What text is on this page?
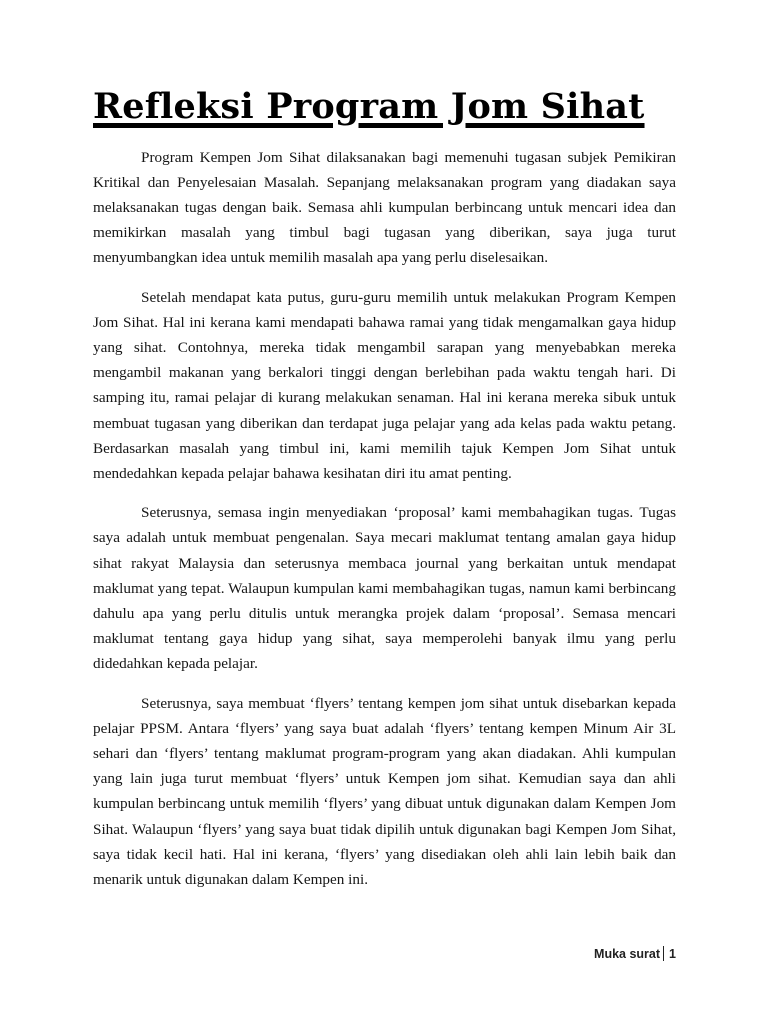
Refleksi Program Jom Sihat

Program Kempen Jom Sihat dilaksanakan bagi memenuhi tugasan subjek Pemikiran Kritikal dan Penyelesaian Masalah. Sepanjang melaksanakan program yang diadakan saya melaksanakan tugas dengan baik. Semasa ahli kumpulan berbincang untuk mencari idea dan memikirkan masalah yang timbul bagi tugasan yang diberikan, saya juga turut menyumbangkan idea untuk memilih masalah apa yang perlu diselesaikan.

Setelah mendapat kata putus, guru-guru memilih untuk melakukan Program Kempen Jom Sihat. Hal ini kerana kami mendapati bahawa ramai yang tidak mengamalkan gaya hidup yang sihat. Contohnya, mereka tidak mengambil sarapan yang menyebabkan mereka mengambil makanan yang berkalori tinggi dengan berlebihan pada waktu tengah hari. Di samping itu, ramai pelajar di kurang melakukan senaman. Hal ini kerana mereka sibuk untuk membuat tugasan yang diberikan dan terdapat juga pelajar yang ada kelas pada waktu petang. Berdasarkan masalah yang timbul ini, kami memilih tajuk Kempen Jom Sihat untuk mendedahkan kepada pelajar bahawa kesihatan diri itu amat penting.

Seterusnya, semasa ingin menyediakan ‘proposal’ kami membahagikan tugas. Tugas saya adalah untuk membuat pengenalan. Saya mecari maklumat tentang amalan gaya hidup sihat rakyat Malaysia dan seterusnya membaca journal yang berkaitan untuk mendapat maklumat yang tepat. Walaupun kumpulan kami membahagikan tugas, namun kami berbincang dahulu apa yang perlu ditulis untuk merangka projek dalam ‘proposal’. Semasa mencari maklumat tentang gaya hidup yang sihat, saya memperolehi banyak ilmu yang perlu didedahkan kepada pelajar.

Seterusnya, saya membuat ‘flyers’ tentang kempen jom sihat untuk disebarkan kepada pelajar PPSM. Antara ‘flyers’ yang saya buat adalah ‘flyers’ tentang kempen Minum Air 3L sehari dan ‘flyers’ tentang maklumat program-program yang akan diadakan. Ahli kumpulan yang lain juga turut membuat ‘flyers’ untuk Kempen jom sihat. Kemudian saya dan ahli kumpulan berbincang untuk memilih ‘flyers’ yang dibuat untuk digunakan dalam Kempen Jom Sihat. Walaupun ‘flyers’ yang saya buat tidak dipilih untuk digunakan bagi Kempen Jom Sihat, saya tidak kecil hati. Hal ini kerana, ‘flyers’ yang disediakan oleh ahli lain lebih baik dan menarik untuk digunakan dalam Kempen ini.

Muka surat 1
